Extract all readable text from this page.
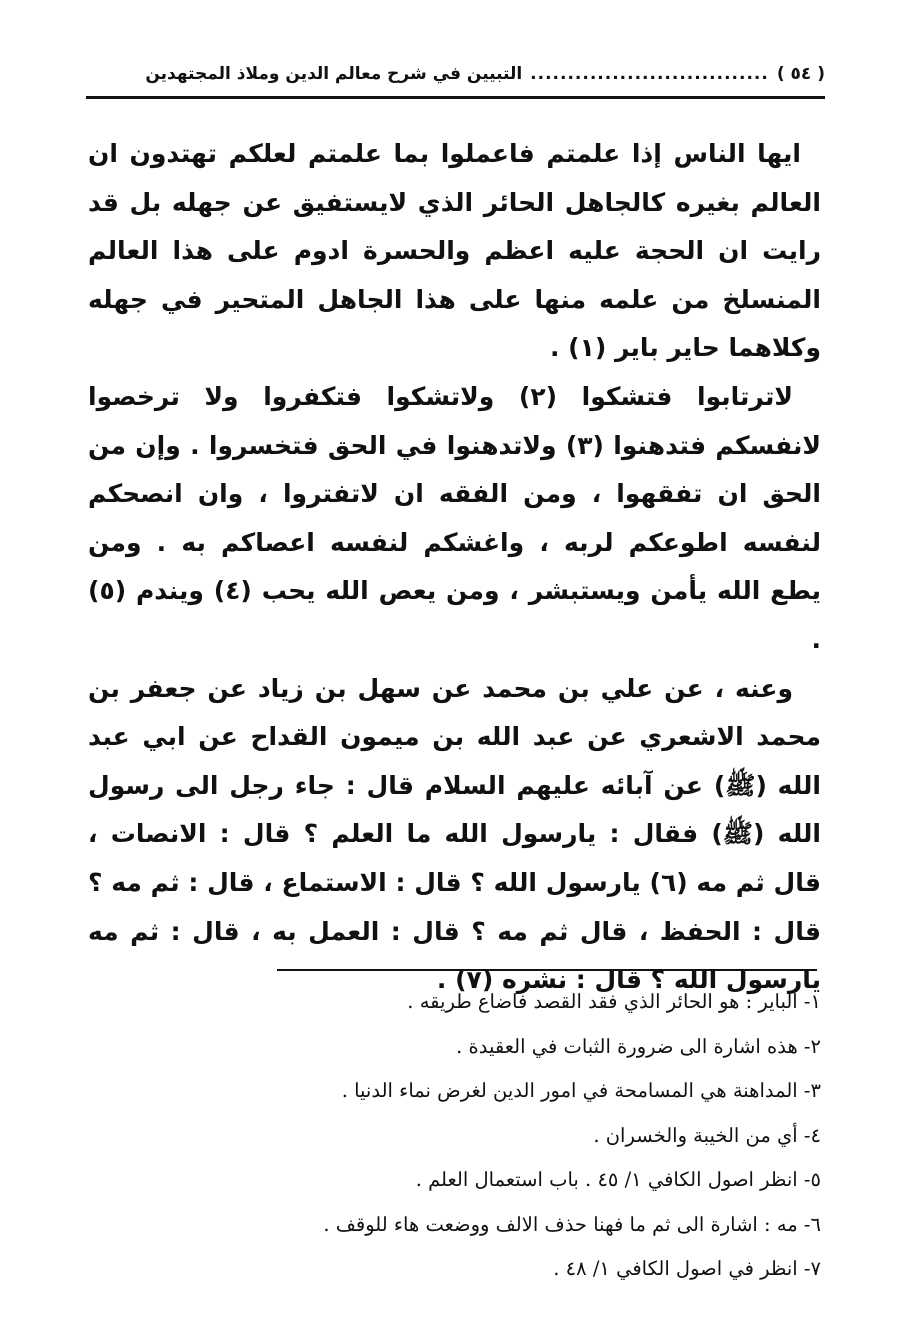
( ٥٤ )
................................
التبيين في شرح معالم الدين وملاذ المجتهدين

ايها الناس إذا علمتم فاعملوا بما علمتم لعلكم تهتدون ان العالم بغيره كالجاهل الحائر الذي لايستفيق عن جهله بل قد رايت ان الحجة عليه اعظم والحسرة ادوم على هذا العالم المنسلخ من علمه منها على هذا الجاهل المتحير في جهله وكلاهما حاير باير (١) .

لاترتابوا فتشكوا (٢) ولاتشكوا فتكفروا ولا ترخصوا لانفسكم فتدهنوا (٣) ولاتدهنوا في الحق فتخسروا . وإن من الحق ان تفقهوا ، ومن الفقه ان لاتفتروا ، وان انصحكم لنفسه اطوعكم لربه ، واغشكم لنفسه اعصاكم به . ومن يطع الله يأمن ويستبشر ، ومن يعص الله يحب (٤) ويندم (٥) .

وعنه ، عن علي بن محمد عن سهل بن زياد عن جعفر بن محمد الاشعري عن عبد الله بن ميمون القداح عن ابي عبد الله (ﷺ) عن آبائه عليهم السلام قال : جاء رجل الى رسول الله (ﷺ) فقال : يارسول الله ما العلم ؟ قال : الانصات ، قال ثم مه (٦) يارسول الله ؟ قال : الاستماع ، قال : ثم مه ؟ قال : الحفظ ، قال ثم مه ؟ قال : العمل به ، قال : ثم مه يارسول الله ؟ قال : نشره (٧) .

١- الباير : هو الحائر الذي فقد القصد فاضاع طريقه .
٢- هذه اشارة الى ضرورة الثبات في العقيدة .
٣- المداهنة هي المسامحة في امور الدين لغرض نماء الدنيا .
٤- أي من الخيبة والخسران .
٥- انظر اصول الكافي ١/ ٤٥ . باب استعمال العلم .
٦- مه : اشارة الى ثم ما فهنا حذف الالف ووضعت هاء للوقف .
٧- انظر في اصول الكافي ١/ ٤٨ .
